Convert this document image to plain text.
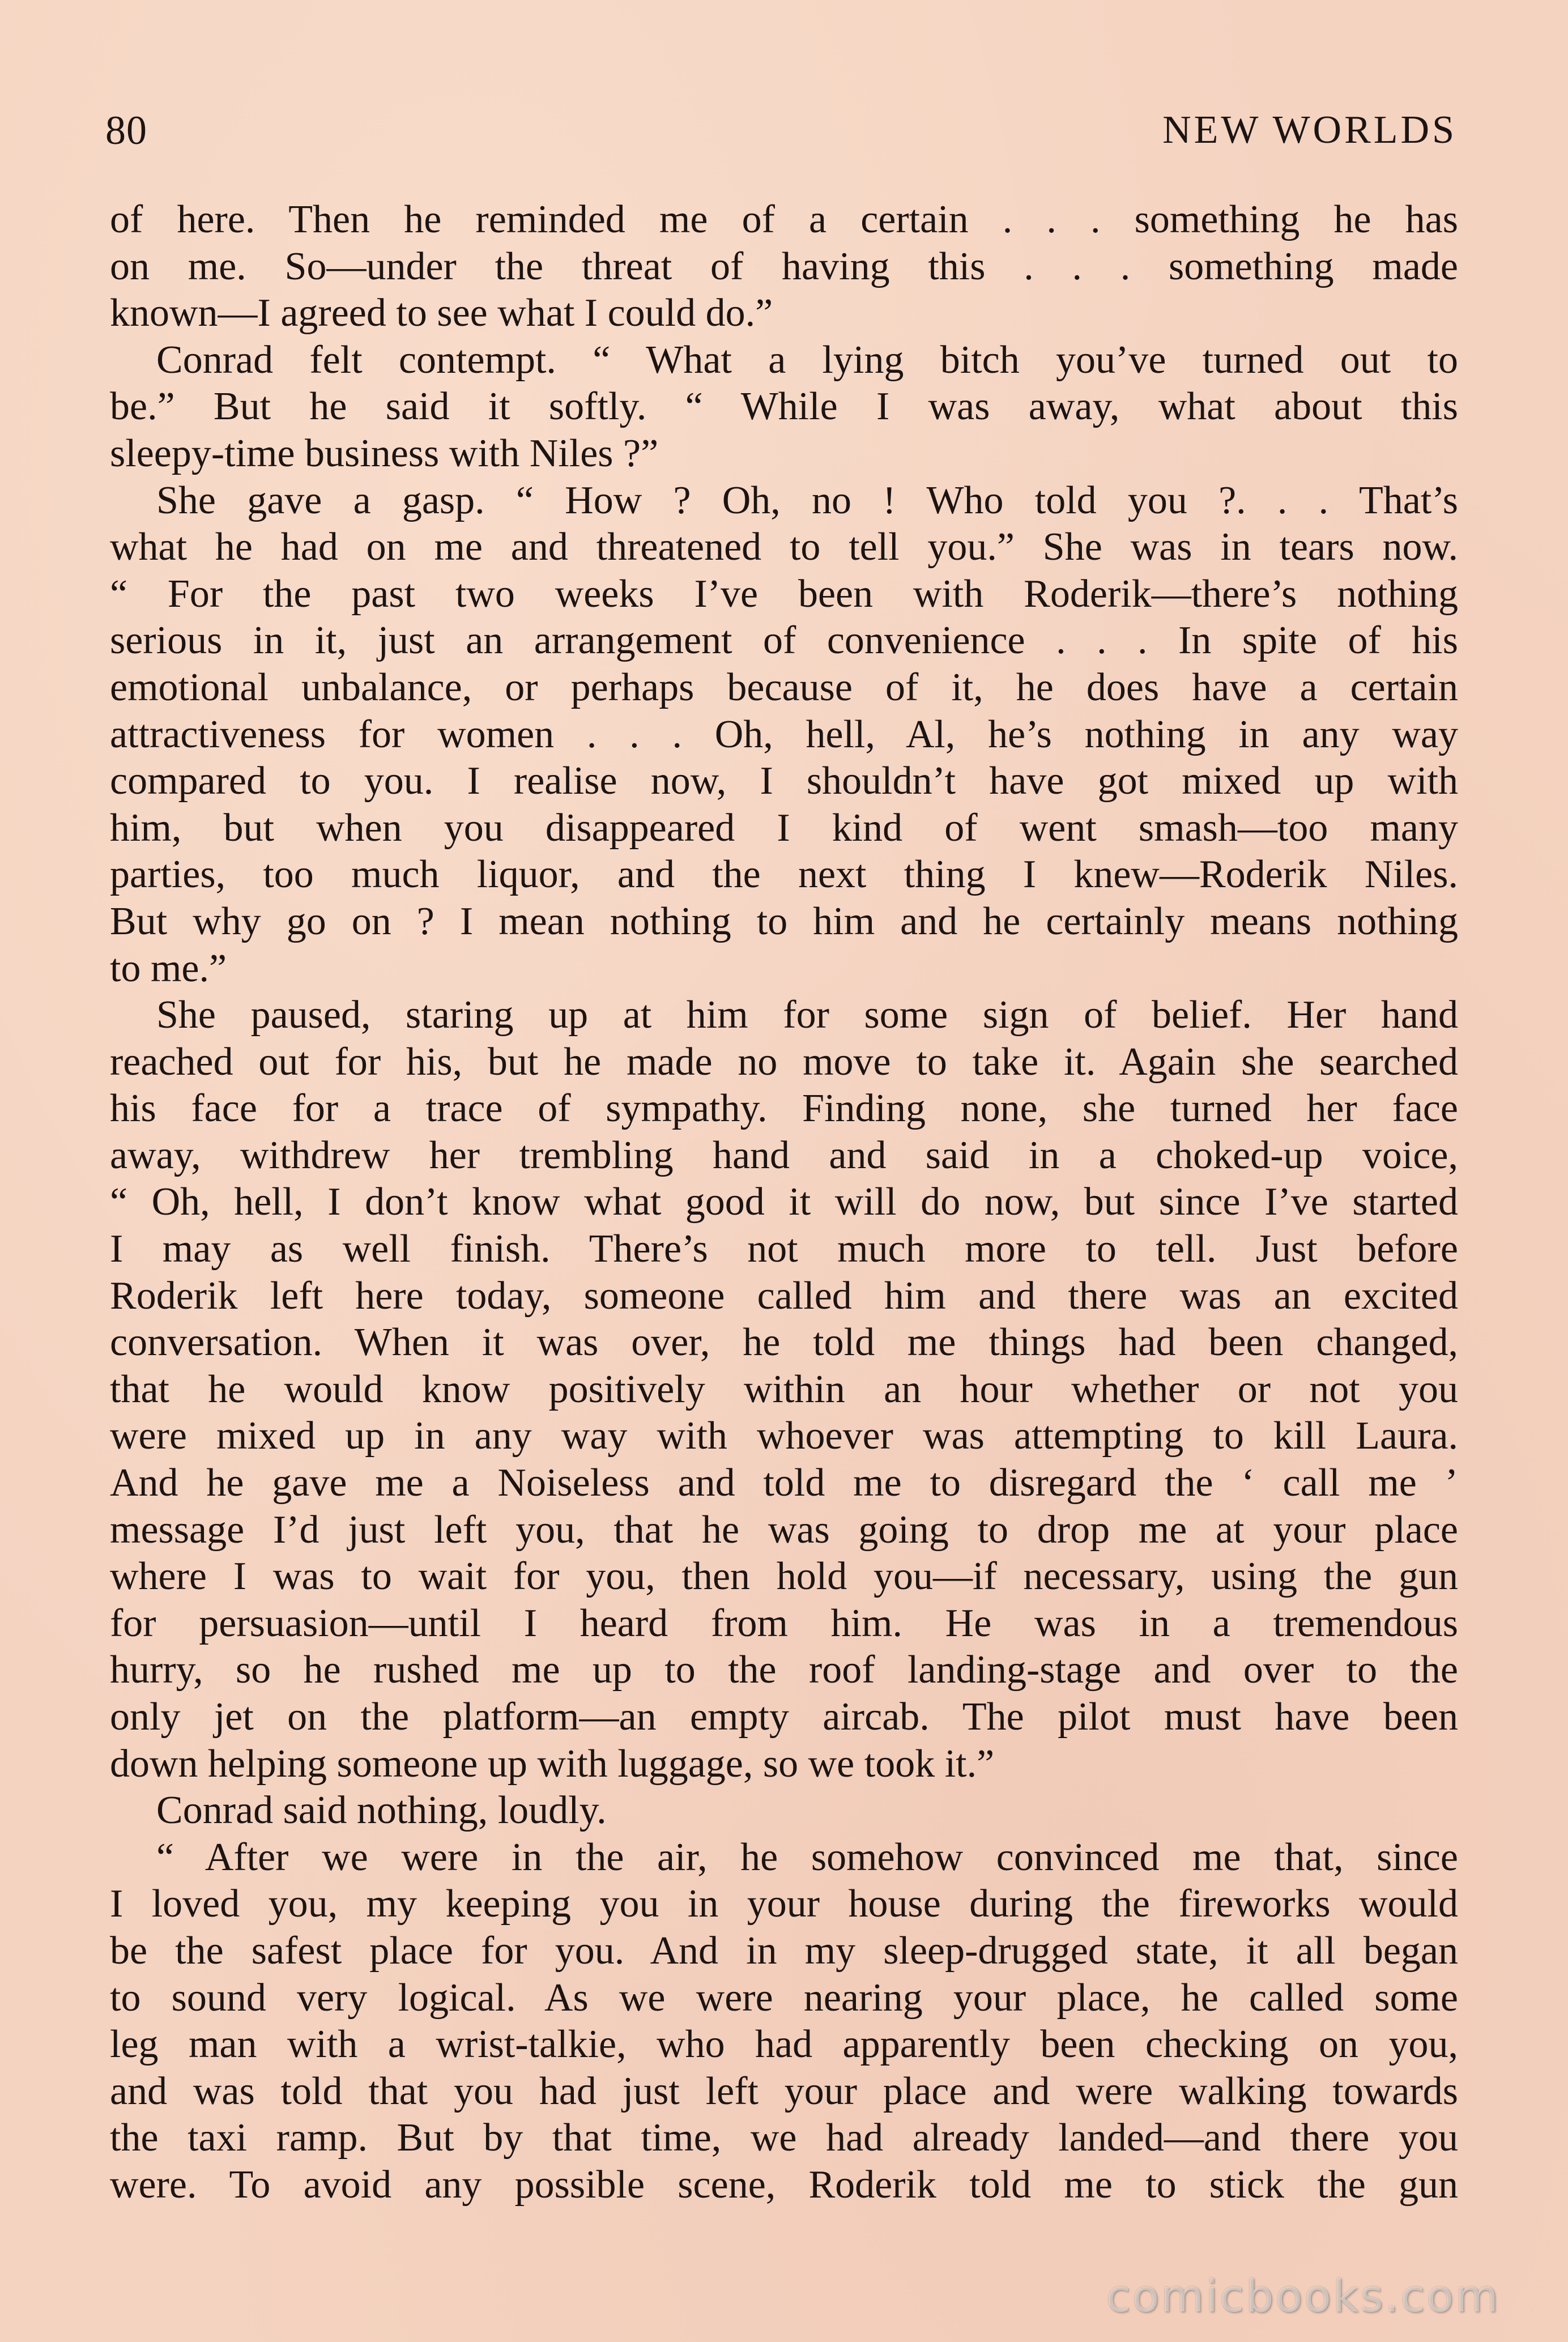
80	NEW WORLDS
of here. Then he reminded me of a certain . . . something he has
on me. So—under the threat of having this . . . something made
known—I agreed to see what I could do.”
Conrad felt contempt. “ What a lying bitch you’ve turned out to
be.” But he said it softly. “ While I was away, what about this
sleepy-time business with Niles ?”
She gave a gasp. “ How ? Oh, no ! Who told you ?. . . That’s
what he had on me and threatened to tell you.” She was in tears now.
“ For the past two weeks I’ve been with Roderik—there’s nothing
serious in it, just an arrangement of convenience . . . In spite of his
emotional unbalance, or perhaps because of it, he does have a certain
attractiveness for women . . . Oh, hell, Al, he’s nothing in any way
compared to you. I realise now, I shouldn’t have got mixed up with
him, but when you disappeared I kind of went smash—too many
parties, too much liquor, and the next thing I knew—Roderik Niles.
But why go on ? I mean nothing to him and he certainly means nothing
to me.”
She paused, staring up at him for some sign of belief. Her hand
reached out for his, but he made no move to take it. Again she searched
his face for a trace of sympathy. Finding none, she turned her face
away, withdrew her trembling hand and said in a choked-up voice,
“ Oh, hell, I don’t know what good it will do now, but since I’ve started
I may as well finish. There’s not much more to tell. Just before
Roderik left here today, someone called him and there was an excited
conversation. When it was over, he told me things had been changed,
that he would know positively within an hour whether or not you
were mixed up in any way with whoever was attempting to kill Laura.
And he gave me a Noiseless and told me to disregard the ‘ call me ’
message I’d just left you, that he was going to drop me at your place
where I was to wait for you, then hold you—if necessary, using the gun
for persuasion—until I heard from him. He was in a tremendous
hurry, so he rushed me up to the roof landing-stage and over to the
only jet on the platform—an empty aircab. The pilot must have been
down helping someone up with luggage, so we took it.”
Conrad said nothing, loudly.
“ After we were in the air, he somehow convinced me that, since
I loved you, my keeping you in your house during the fireworks would
be the safest place for you. And in my sleep-drugged state, it all began
to sound very logical. As we were nearing your place, he called some
leg man with a wrist-talkie, who had apparently been checking on you,
and was told that you had just left your place and were walking towards
the taxi ramp. But by that time, we had already landed—and there you
were. To avoid any possible scene, Roderik told me to stick the gun
comicbooks.com
